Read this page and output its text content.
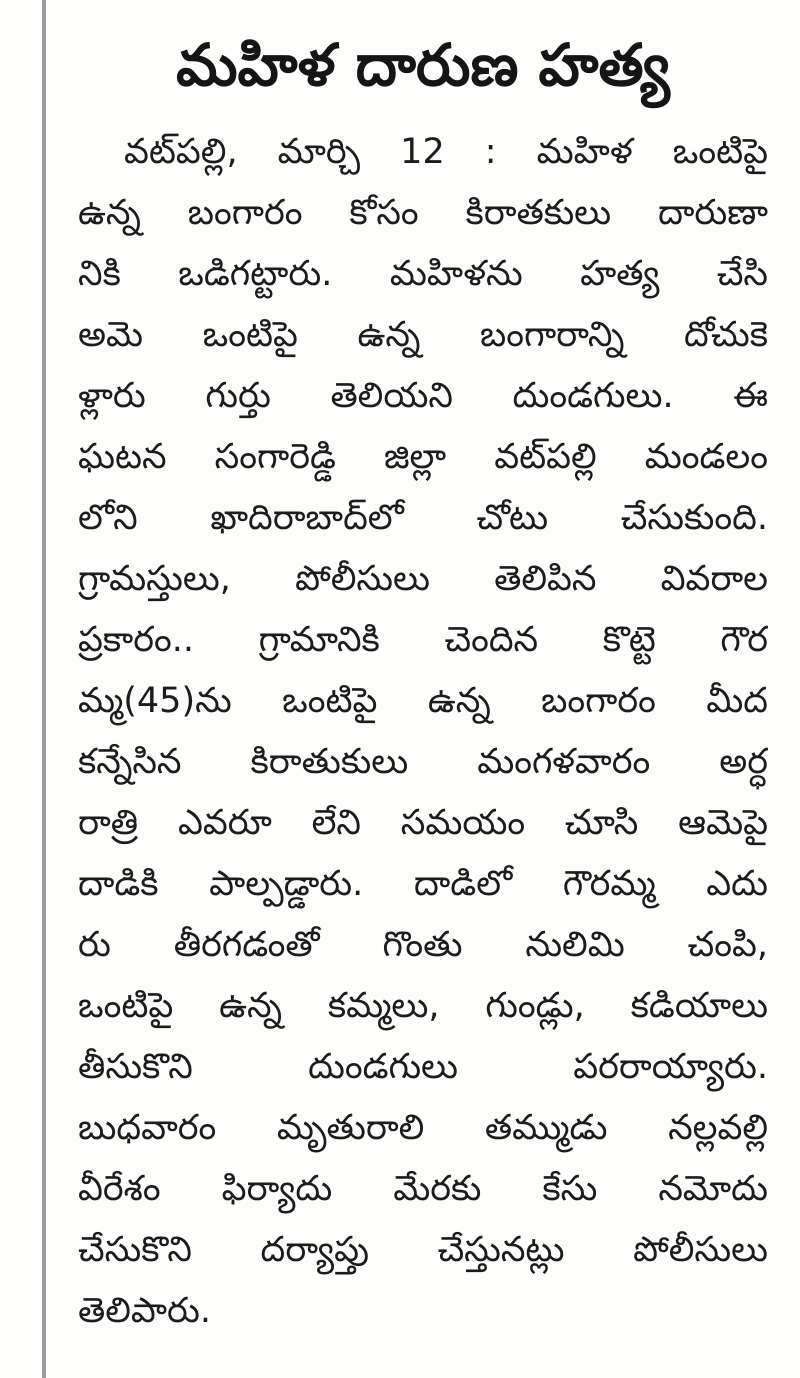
మహిళ దారుణ హత్య
వట్‌పల్లి, మార్చి 12 : మహిళ ఒంటిపై
ఉన్న బంగారం కోసం కిరాతకులు దారుణా
నికి ఒడిగట్టారు. మహిళను హత్య చేసి
అమె ఒంటిపై ఉన్న బంగారాన్ని దోచుకె
ళ్లారు గుర్తు తెలియని దుండగులు. ఈ
ఘటన సంగారెడ్డి జిల్లా వట్‌పల్లి మండలం
లోని ఖాదిరాబాద్‌లో చోటు చేసుకుంది.
గ్రామస్తులు, పోలీసులు తెలిపిన వివరాల
ప్రకారం.. గ్రామానికి చెందిన కొట్టె గౌర
మ్మ(45)ను ఒంటిపై ఉన్న బంగారం మీద
కన్నేసిన కిరాతుకులు మంగళవారం అర్ధ
రాత్రి ఎవరూ లేని సమయం చూసి ఆమెపై
దాడికి పాల్పడ్డారు. దాడిలో గౌరమ్మ ఎదు
రు తీరగడంతో గొంతు నులిమి చంపి,
ఒంటిపై ఉన్న కమ్మలు, గుండ్లు, కడియాలు
తీసుకొని దుండగులు పరరాయ్యారు.
బుధవారం మృతురాలి తమ్ముడు నల్లవల్లి
వీరేశం ఫిర్యాదు మేరకు కేసు నమోదు
చేసుకొని దర్యాప్తు చేస్తునట్లు పోలీసులు
తెలిపారు.
